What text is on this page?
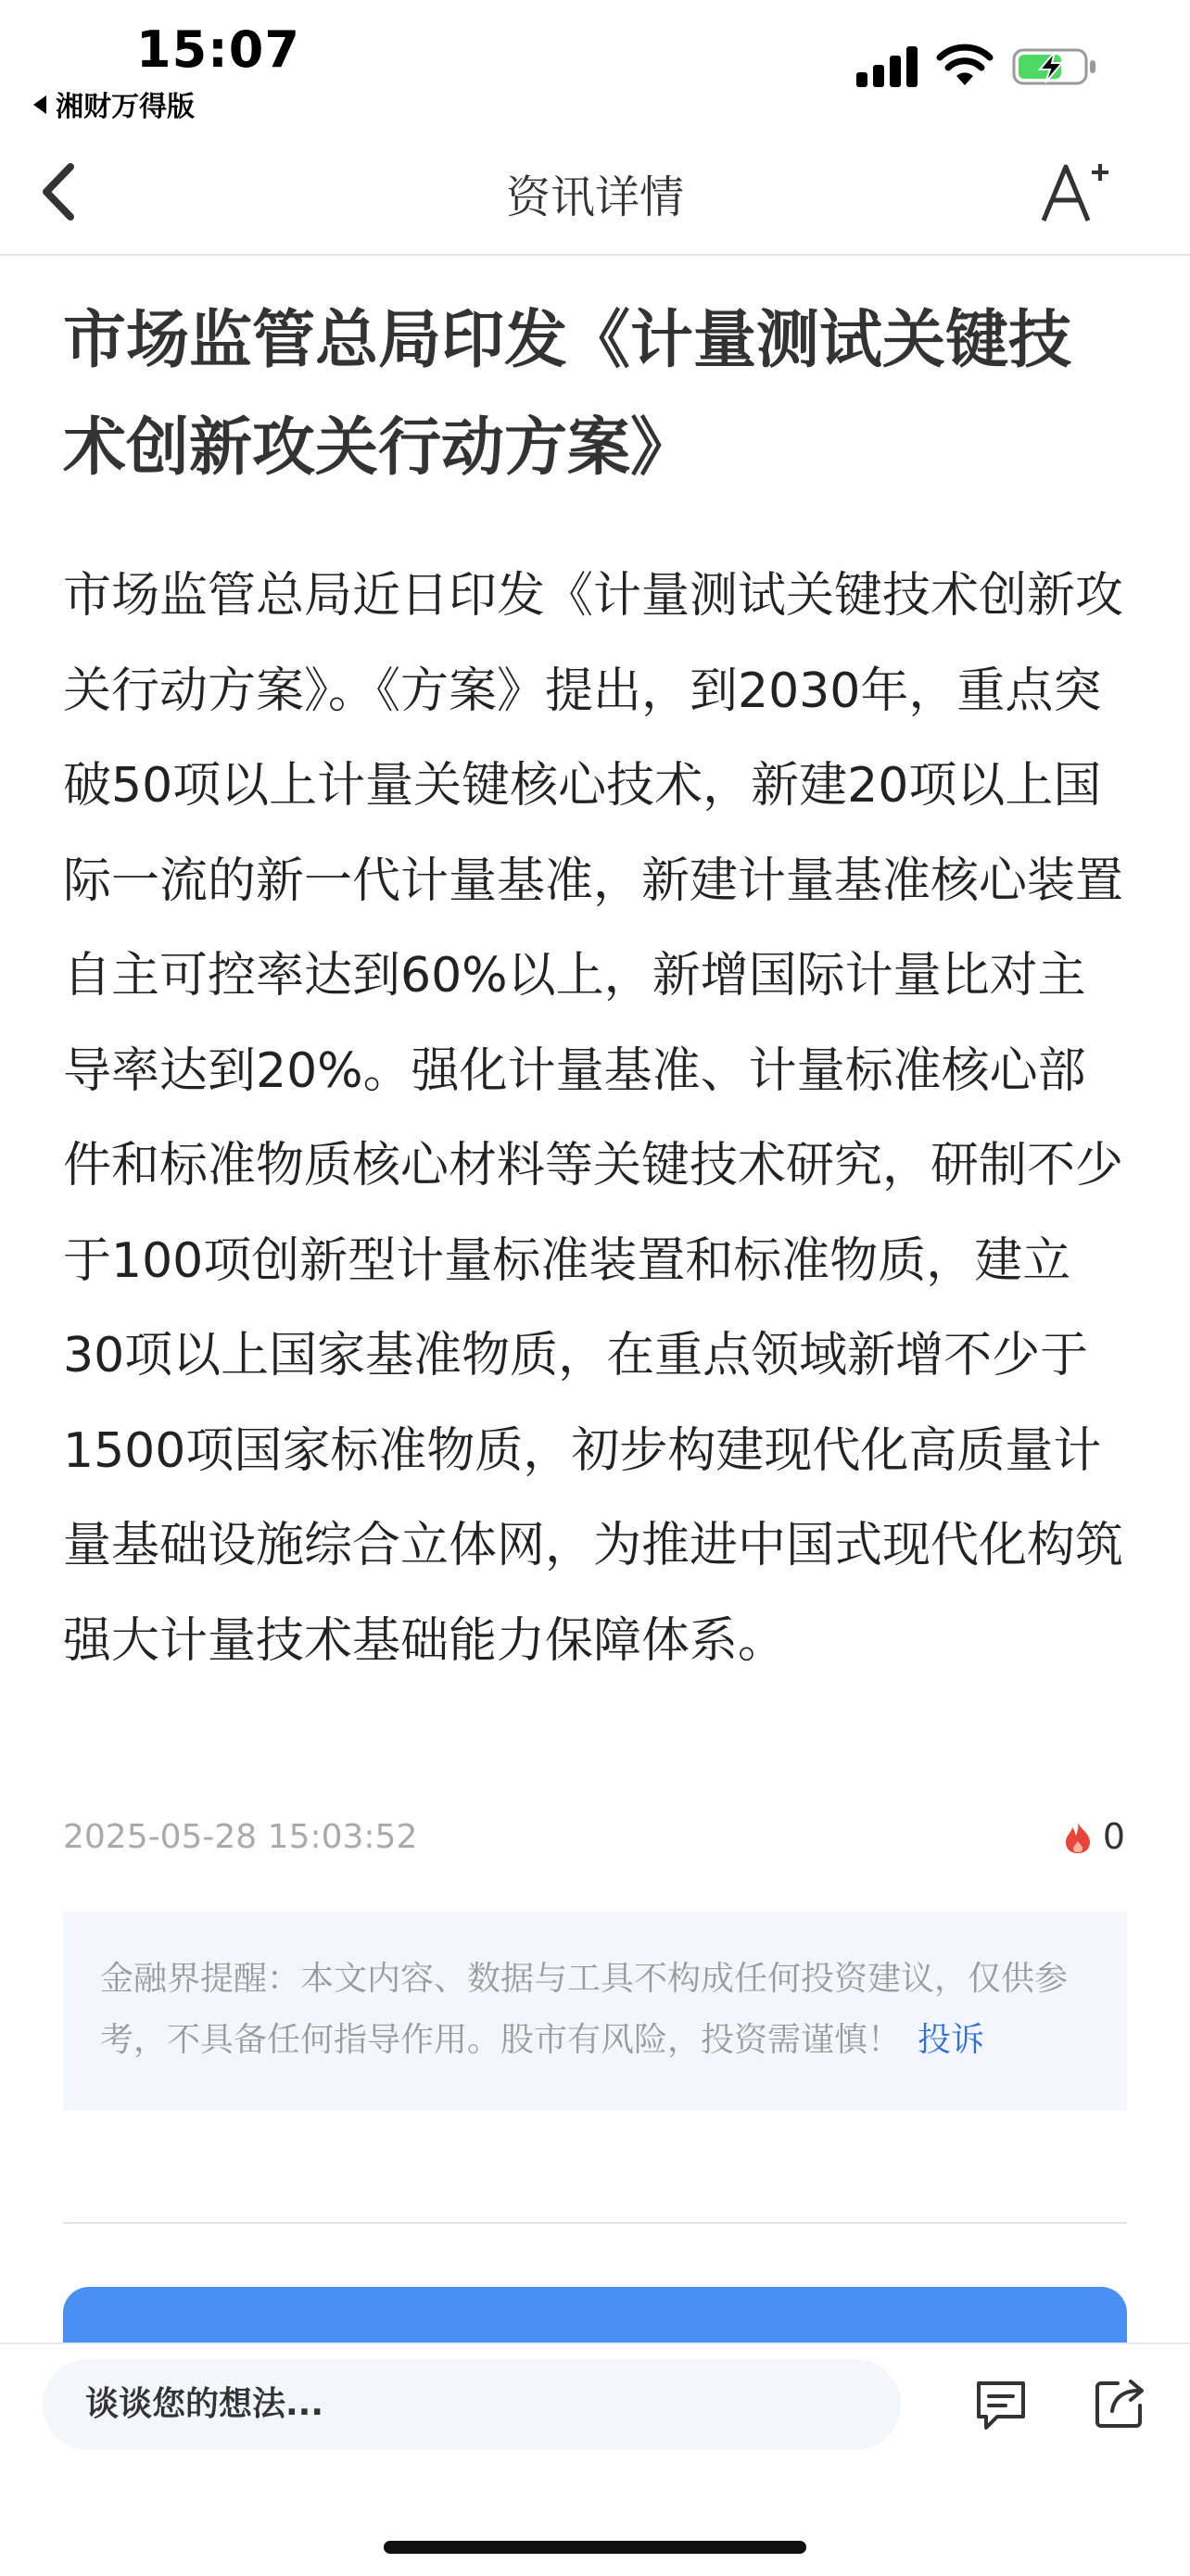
15:07
湘财万得版
资讯详情
市场监管总局印发《计量测试关键技术创新攻关行动方案》

市场监管总局近日印发《计量测试关键技术创新攻关行动方案》。《方案》提出，到2030年，重点突破50项以上计量关键核心技术，新建20项以上国际一流的新一代计量基准，新建计量基准核心装置自主可控率达到60%以上，新增国际计量比对主导率达到20%。强化计量基准、计量标准核心部件和标准物质核心材料等关键技术研究，研制不少于100项创新型计量标准装置和标准物质，建立30项以上国家基准物质，在重点领域新增不少于1500项国家标准物质，初步构建现代化高质量计量基础设施综合立体网，为推进中国式现代化构筑强大计量技术基础能力保障体系。

2025-05-28 15:03:52	0
金融界提醒：本文内容、数据与工具不构成任何投资建议，仅供参考，不具备任何指导作用。股市有风险，投资需谨慎！ 投诉
谈谈您的想法...
